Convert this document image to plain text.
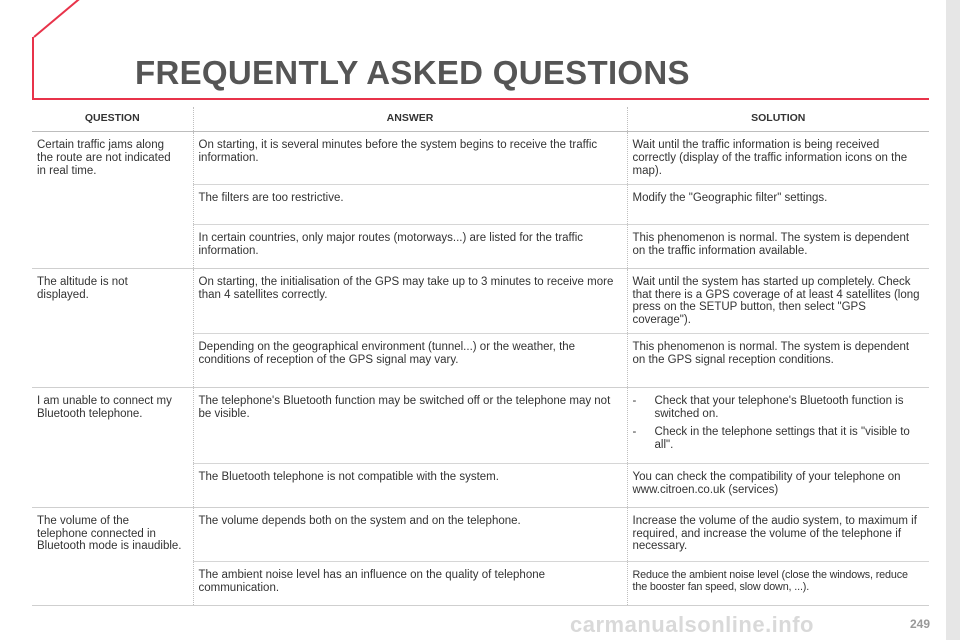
FREQUENTLY ASKED QUESTIONS
QUESTION	ANSWER	SOLUTION
Certain traffic jams along the route are not indicated in real time.	On starting, it is several minutes before the system begins to receive the traffic information.	Wait until the traffic information is being received correctly (display of the traffic information icons on the map).
	The filters are too restrictive.	Modify the "Geographic filter" settings.
	In certain countries, only major routes (motorways...) are listed for the traffic information.	This phenomenon is normal. The system is dependent on the traffic information available.
The altitude is not displayed.	On starting, the initialisation of the GPS may take up to 3 minutes to receive more than 4 satellites correctly.	Wait until the system has started up completely. Check that there is a GPS coverage of at least 4 satellites (long press on the SETUP button, then select "GPS coverage").
	Depending on the geographical environment (tunnel...) or the weather, the conditions of reception of the GPS signal may vary.	This phenomenon is normal. The system is dependent on the GPS signal reception conditions.
I am unable to connect my Bluetooth telephone.	The telephone's Bluetooth function may be switched off or the telephone may not be visible.	- Check that your telephone's Bluetooth function is switched on.
- Check in the telephone settings that it is "visible to all".

	The Bluetooth telephone is not compatible with the system.	You can check the compatibility of your telephone on www.citroen.co.uk (services)
The volume of the telephone connected in Bluetooth mode is inaudible.	The volume depends both on the system and on the telephone.	Increase the volume of the audio system, to maximum if required, and increase the volume of the telephone if necessary.
	The ambient noise level has an influence on the quality of telephone communication.	Reduce the ambient noise level (close the windows, reduce the booster fan speed, slow down, ...).
carmanualsonline.info	249
